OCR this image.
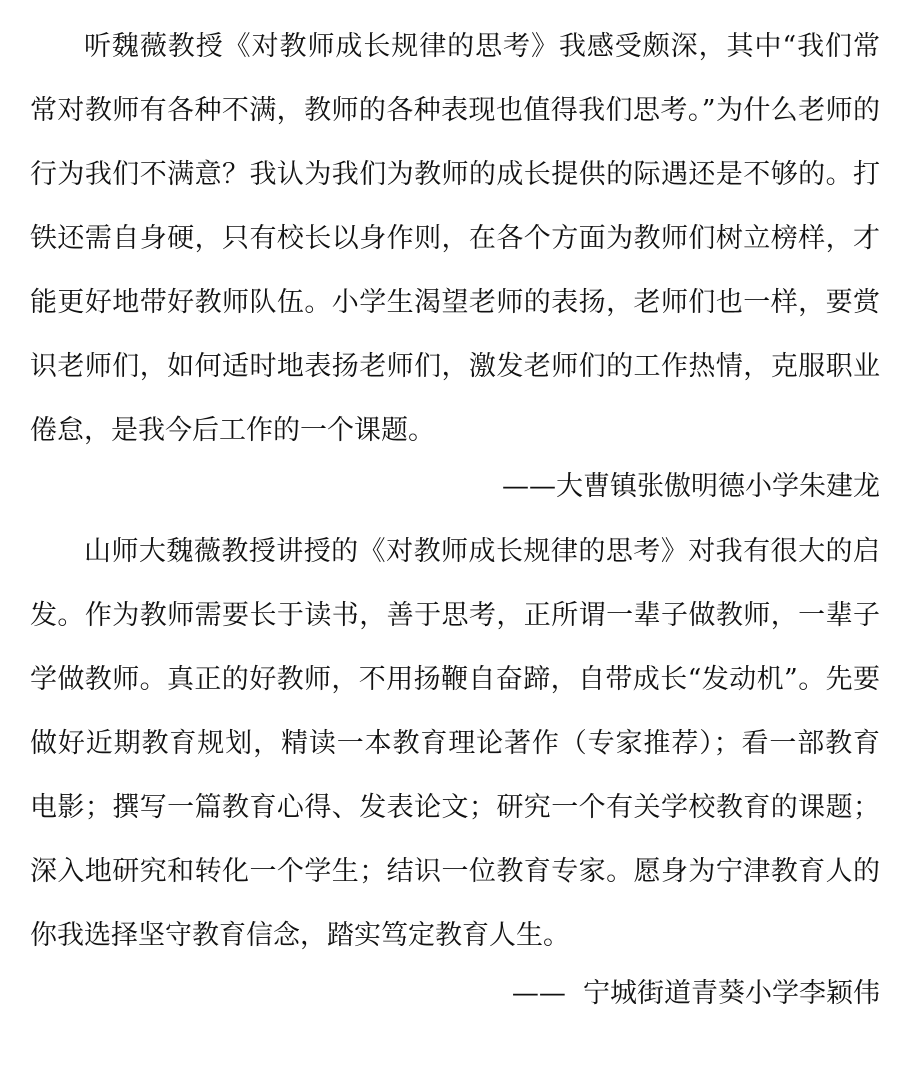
听魏薇教授《对教师成长规律的思考》我感受颇深，其中“我们常常对教师有各种不满，教师的各种表现也值得我们思考。”为什么老师的行为我们不满意？我认为我们为教师的成长提供的际遇还是不够的。打铁还需自身硬，只有校长以身作则，在各个方面为教师们树立榜样，才能更好地带好教师队伍。小学生渴望老师的表扬，老师们也一样，要赏识老师们，如何适时地表扬老师们，激发老师们的工作热情，克服职业倦怠，是我今后工作的一个课题。

——大曹镇张傲明德小学朱建龙

山师大魏薇教授讲授的《对教师成长规律的思考》对我有很大的启发。作为教师需要长于读书，善于思考，正所谓一辈子做教师，一辈子学做教师。真正的好教师，不用扬鞭自奋蹄，自带成长“发动机”。先要做好近期教育规划，精读一本教育理论著作（专家推荐）；看一部教育电影；撰写一篇教育心得、发表论文；研究一个有关学校教育的课题；深入地研究和转化一个学生；结识一位教育专家。愿身为宁津教育人的你我选择坚守教育信念，踏实笃定教育人生。

——  宁城街道青葵小学李颖伟
